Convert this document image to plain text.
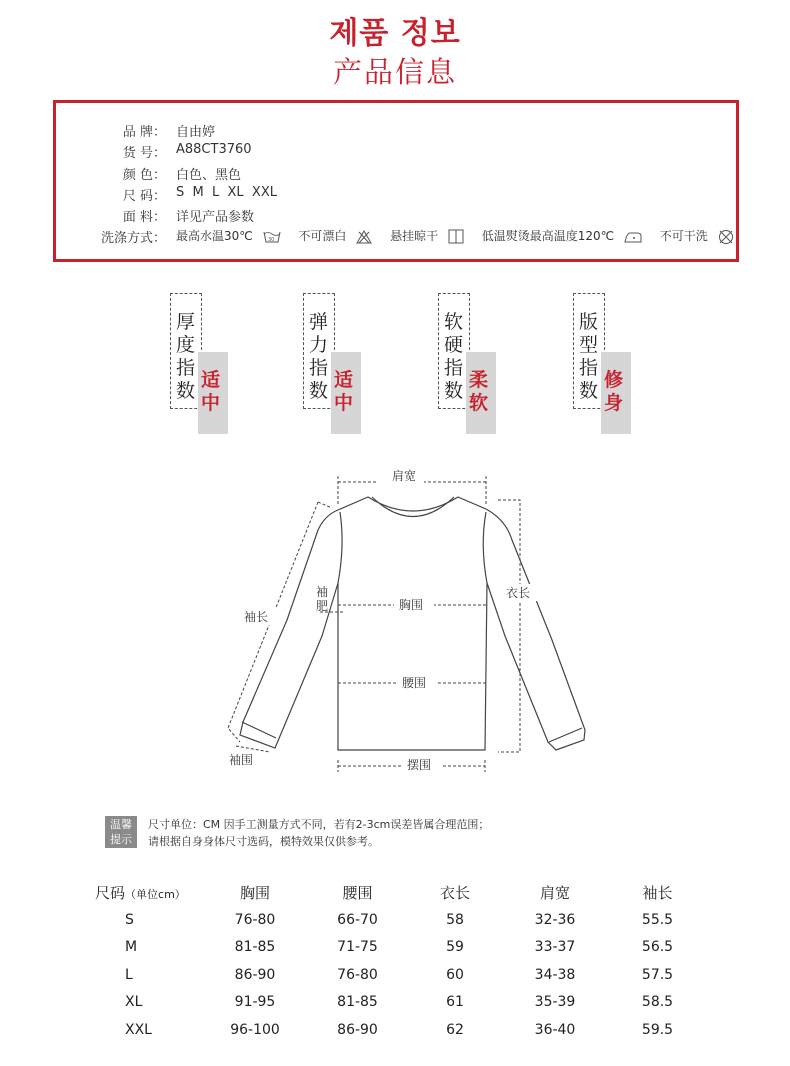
제품 정보
产品信息
品 牌： 自由婷
货 号： A88CT3760
颜 色： 白色、黑色
尺 码： S  M  L  XL  XXL
面 料： 详见产品参数
洗涤方式： 最高水温30℃	30 不可漂白	悬挂晾干	低温熨烫最高温度120℃	不可干洗
厚度指数 适中
弹力指数 适中
软硬指数 柔软
版型指数 修身
肩宽
胸围
腰围
摆围
衣长
袖长
袖围
袖
肥
温馨
提示
尺寸单位：CM 因手工测量方式不同，若有2-3cm误差皆属合理范围；
请根据自身身体尺寸选码，模特效果仅供参考。
尺码（单位cm）	胸围	腰围	衣长	肩宽	袖长
S	76-80	66-70	58	32-36	55.5
M	81-85	71-75	59	33-37	56.5
L	86-90	76-80	60	34-38	57.5
XL	91-95	81-85	61	35-39	58.5
XXL	96-100	86-90	62	36-40	59.5
